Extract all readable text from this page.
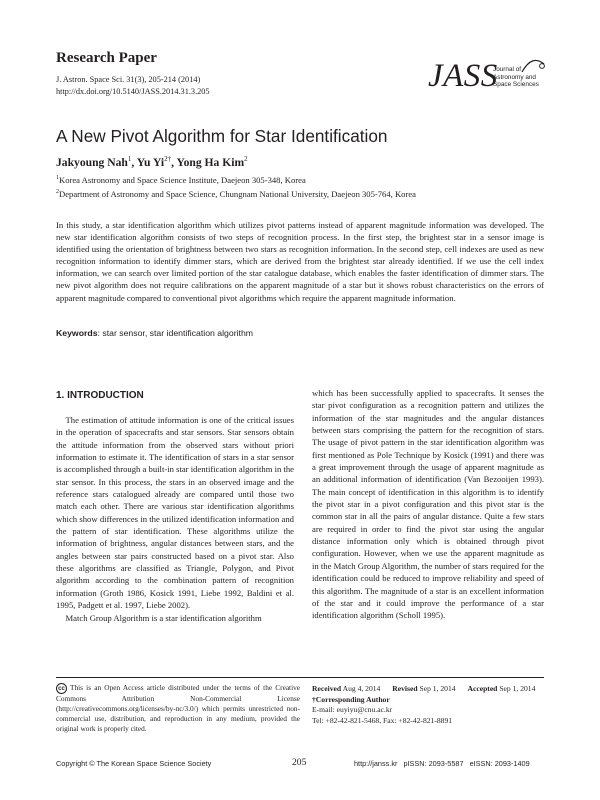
Research Paper
J. Astron. Space Sci. 31(3), 205-214 (2014)
http://dx.doi.org/10.5140/JASS.2014.31.3.205	JASS
Journal of
Astronomy and
Space Sciences
A New Pivot Algorithm for Star Identification
Jakyoung Nah$^1$, Yu $Yi^{2\dagger}$, Yong Ha Kim$^2$
$^1$Korea Astronomy and Space Science Institute, Daejeon 305-348, Korea
$^2$Department of Astronomy and Space Science, Chungnam National University, Daejeon 305-764, Korea
In this study, a star identification algorithm which utilizes pivot patterns instead of apparent magnitude information was developed. The new star identification algorithm consists of two steps of recognition process. In the first step, the brightest star in a sensor image is identified using the orientation of brightness between two stars as recognition information. In the second step, cell indexes are used as new recognition information to identify dimmer stars, which are derived from the brightest star already identified. If we use the cell index information, we can search over limited portion of the star catalogue database, which enables the faster identification of dimmer stars. The new pivot algorithm does not require calibrations on the apparent magnitude of a star but it shows robust characteristics on the errors of apparent magnitude compared to conventional pivot algorithms which require the apparent magnitude information.
Keywords: star sensor, star identification algorithm
1. INTRODUCTION

The estimation of attitude information is one of the critical issues in the operation of spacecrafts and star sensors. Star sensors obtain the attitude information from the observed stars without priori information to estimate it. The identification of stars in a star sensor is accomplished through a built-in star identification algorithm in the star sensor. In this process, the stars in an observed image and the reference stars catalogued already are compared until those two match each other. There are various star identification algorithms which show differences in the utilized identification information and the pattern of star identification. These algorithms utilize the information of brightness, angular distances between stars, and the angles between star pairs constructed based on a pivot star. Also these algorithms are classified as Triangle, Polygon, and Pivot algorithm according to the combination pattern of recognition information (Groth 1986, Kosick 1991, Liebe 1992, Baldini et al. 1995, Padgett et al. 1997, Liebe 2002).

Match Group Algorithm is a star identification algorithm

which has been successfully applied to spacecrafts. It senses the star pivot configuration as a recognition pattern and utilizes the information of the star magnitudes and the angular distances between stars comprising the pattern for the recognition of stars. The usage of pivot pattern in the star identification algorithm was first mentioned as Pole Technique by Kosick (1991) and there was a great improvement through the usage of apparent magnitude as an additional information of identification (Van Bezooijen 1993). The main concept of identification in this algorithm is to identify the pivot star in a pivot configuration and this pivot star is the common star in all the pairs of angular distance. Quite a few stars are required in order to find the pivot star using the angular distance information only which is obtained through pivot configuration. However, when we use the apparent magnitude as in the Match Group Algorithm, the number of stars required for the identification could be reduced to improve reliability and speed of this algorithm. The magnitude of a star is an excellent information of the star and it could improve the performance of a star identification algorithm (Scholl 1995).

cc This is an Open Access article distributed under the terms of the Creative Commons Attribution Non-Commercial License (http://creativecommons.org/licenses/by-nc/3.0/) which permits unrestricted non-commercial use, distribution, and reproduction in any medium, provided the original work is properly cited.
Received Aug 4, 2014 Revised Sep 1, 2014 Accepted Sep 1, 2014
†Corresponding Author
E-mail: euyiyu@cnu.ac.kr
Tel: +82-42-821-5468, Fax: +82-42-821-8891
Copyright © The Korean Space Science Society	205	http://janss.kr   pISSN: 2093-5587   eISSN: 2093-1409
